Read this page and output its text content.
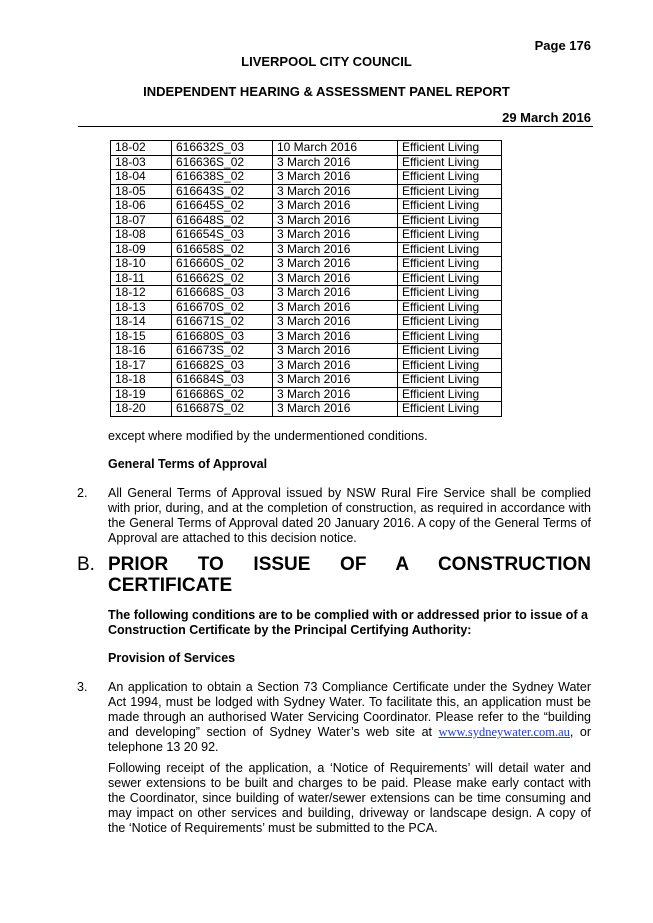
Page 176
LIVERPOOL CITY COUNCIL
INDEPENDENT HEARING & ASSESSMENT PANEL REPORT
29 March 2016
18-02	616632S_03	10 March 2016	Efficient Living
18-03	616636S_02	3 March 2016	Efficient Living
18-04	616638S_02	3 March 2016	Efficient Living
18-05	616643S_02	3 March 2016	Efficient Living
18-06	616645S_02	3 March 2016	Efficient Living
18-07	616648S_02	3 March 2016	Efficient Living
18-08	616654S_03	3 March 2016	Efficient Living
18-09	616658S_02	3 March 2016	Efficient Living
18-10	616660S_02	3 March 2016	Efficient Living
18-11	616662S_02	3 March 2016	Efficient Living
18-12	616668S_03	3 March 2016	Efficient Living
18-13	616670S_02	3 March 2016	Efficient Living
18-14	616671S_02	3 March 2016	Efficient Living
18-15	616680S_03	3 March 2016	Efficient Living
18-16	616673S_02	3 March 2016	Efficient Living
18-17	616682S_03	3 March 2016	Efficient Living
18-18	616684S_03	3 March 2016	Efficient Living
18-19	616686S_02	3 March 2016	Efficient Living
18-20	616687S_02	3 March 2016	Efficient Living
except where modified by the undermentioned conditions.
General Terms of Approval
2. All General Terms of Approval issued by NSW Rural Fire Service shall be complied with prior, during, and at the completion of construction, as required in accordance with the General Terms of Approval dated 20 January 2016. A copy of the General Terms of Approval are attached to this decision notice.
B. PRIOR TO ISSUE OF A CONSTRUCTION
CERTIFICATE
The following conditions are to be complied with or addressed prior to issue of a Construction Certificate by the Principal Certifying Authority:
Provision of Services
3. An application to obtain a Section 73 Compliance Certificate under the Sydney Water Act 1994, must be lodged with Sydney Water. To facilitate this, an application must be made through an authorised Water Servicing Coordinator. Please refer to the “building and developing” section of Sydney Water’s web site at www.sydneywater.com.au, or telephone 13 20 92.
Following receipt of the application, a ‘Notice of Requirements’ will detail water and sewer extensions to be built and charges to be paid. Please make early contact with the Coordinator, since building of water/sewer extensions can be time consuming and may impact on other services and building, driveway or landscape design. A copy of the ‘Notice of Requirements’ must be submitted to the PCA.
